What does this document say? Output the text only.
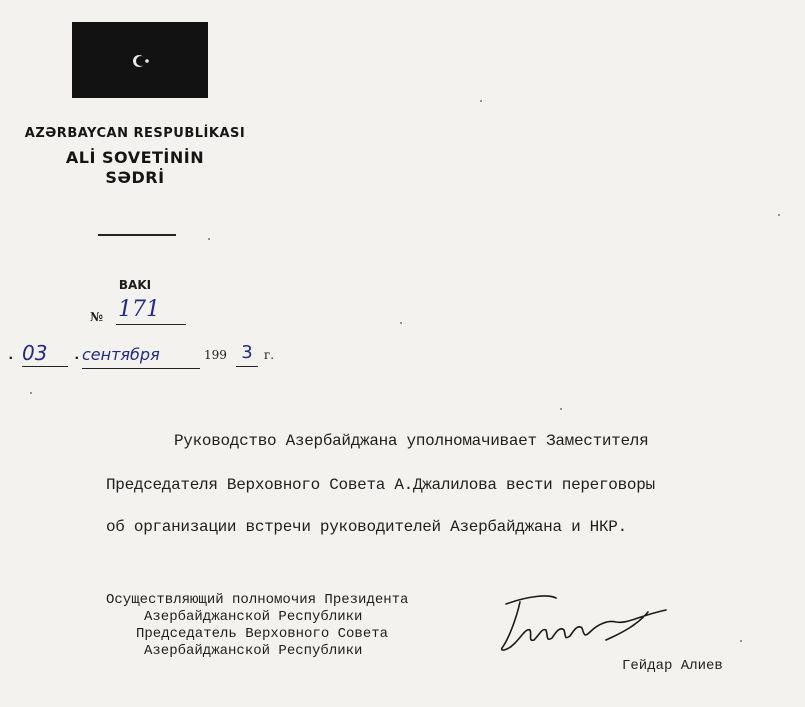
AZƏRBAYCAN RESPUBLİKASI
ALİ SOVETİNİN
SƏDRİ
BAKI
№ 171
. 03	. сентября	199 3 г.
Руководство Азербайджана уполномачивает Заместителя
Председателя Верховного Совета А.Джалилова вести переговоры
об организации встречи руководителей Азербайджана и НКР.
Осуществляющий полномочия Президента
Азербайджанской Республики
Председатель Верховного Совета
Азербайджанской Республики
Гейдар Алиев
